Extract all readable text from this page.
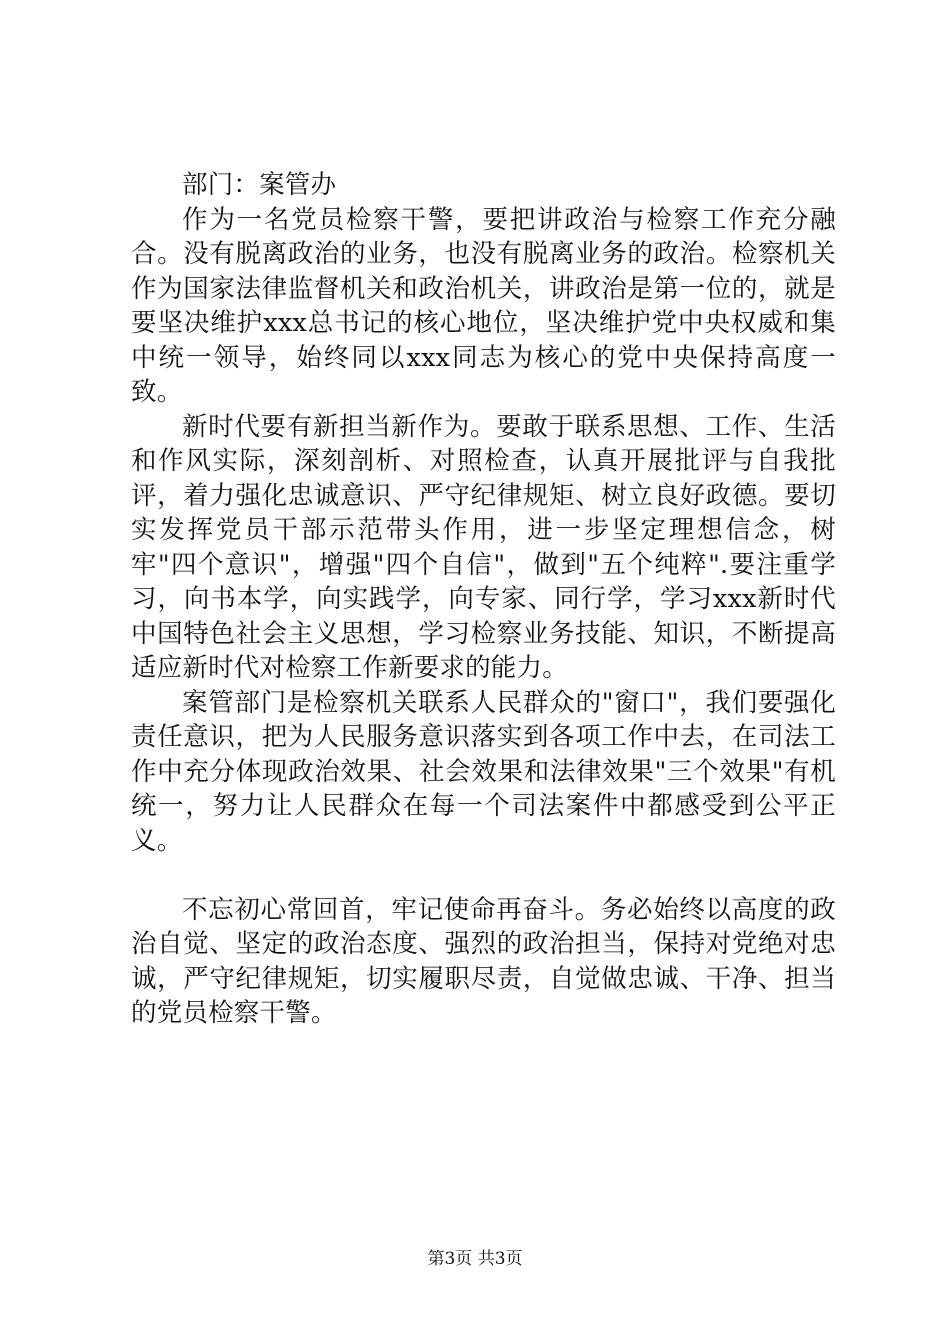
部门：案管办

作为一名党员检察干警，要把讲政治与检察工作充分融合。没有脱离政治的业务，也没有脱离业务的政治。检察机关作为国家法律监督机关和政治机关，讲政治是第一位的，就是要坚决维护xxx总书记的核心地位，坚决维护党中央权威和集中统一领导，始终同以xxx同志为核心的党中央保持高度一致。

新时代要有新担当新作为。要敢于联系思想、工作、生活和作风实际，深刻剖析、对照检查，认真开展批评与自我批评，着力强化忠诚意识、严守纪律规矩、树立良好政德。要切实发挥党员干部示范带头作用，进一步坚定理想信念，树牢"四个意识"，增强"四个自信"，做到"五个纯粹".要注重学习，向书本学，向实践学，向专家、同行学，学习xxx新时代中国特色社会主义思想，学习检察业务技能、知识，不断提高适应新时代对检察工作新要求的能力。

案管部门是检察机关联系人民群众的"窗口"，我们要强化责任意识，把为人民服务意识落实到各项工作中去，在司法工作中充分体现政治效果、社会效果和法律效果"三个效果"有机统一，努力让人民群众在每一个司法案件中都感受到公平正义。

不忘初心常回首，牢记使命再奋斗。务必始终以高度的政治自觉、坚定的政治态度、强烈的政治担当，保持对党绝对忠诚，严守纪律规矩，切实履职尽责，自觉做忠诚、干净、担当的党员检察干警。

第3页 共3页
